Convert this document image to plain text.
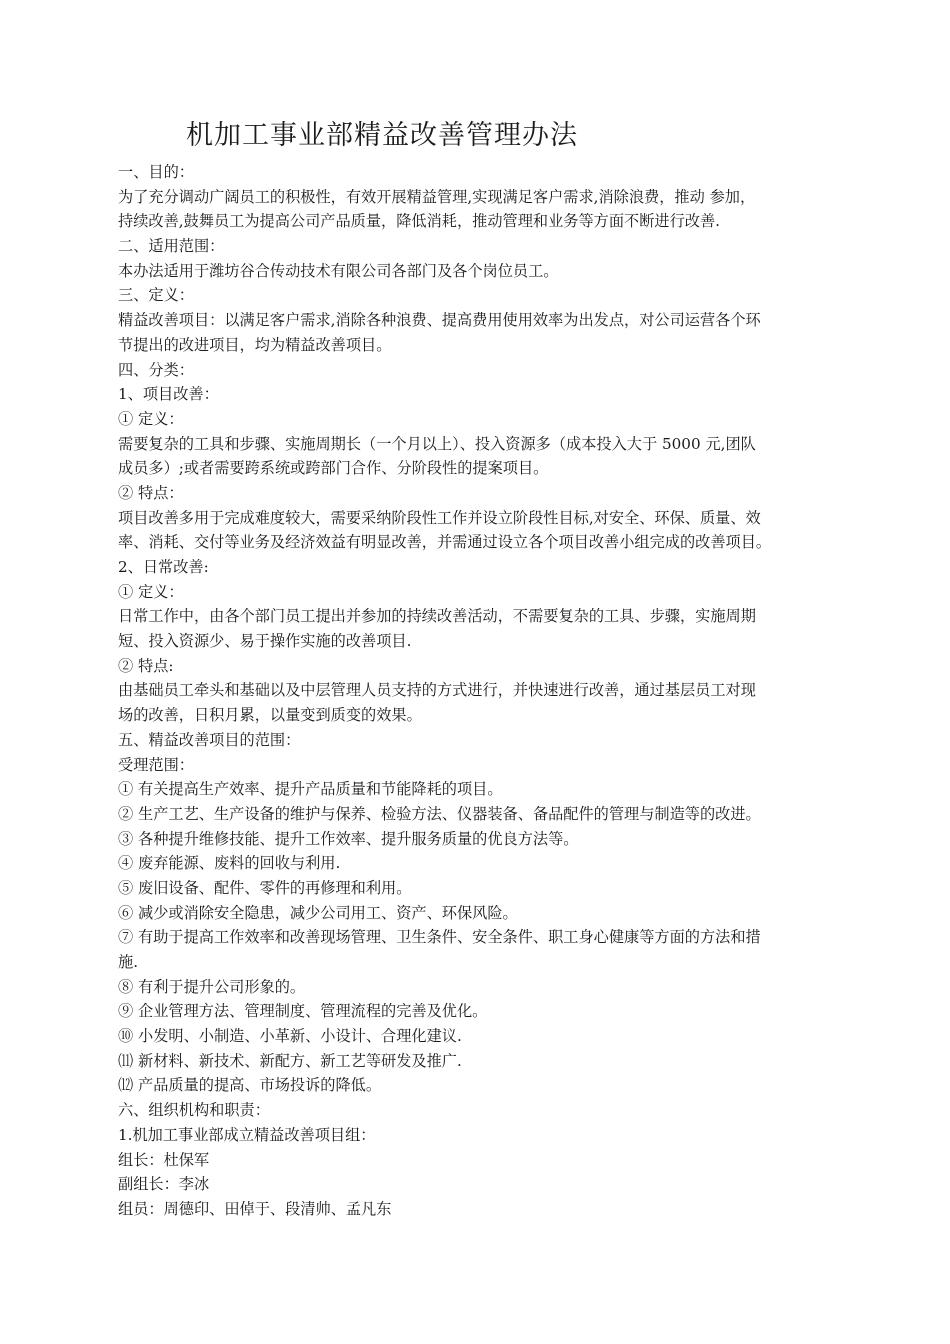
机加工事业部精益改善管理办法
一、目的：
为了充分调动广阔员工的积极性，有效开展精益管理,实现满足客户需求,消除浪费，推动 参加，
持续改善,鼓舞员工为提高公司产品质量，降低消耗，推动管理和业务等方面不断进行改善.
二、适用范围：
本办法适用于潍坊谷合传动技术有限公司各部门及各个岗位员工。
三、定义：
精益改善项目：以满足客户需求,消除各种浪费、提高费用使用效率为出发点，对公司运营各个环
节提出的改进项目，均为精益改善项目。
四、分类：
1、项目改善：
① 定义：
需要复杂的工具和步骤、实施周期长（一个月以上）、投入资源多（成本投入大于 5000 元,团队
成员多）;或者需要跨系统或跨部门合作、分阶段性的提案项目。
② 特点：
项目改善多用于完成难度较大，需要采纳阶段性工作并设立阶段性目标,对安全、环保、质量、效
率、消耗、交付等业务及经济效益有明显改善，并需通过设立各个项目改善小组完成的改善项目。
2、日常改善:
① 定义：
日常工作中，由各个部门员工提出并参加的持续改善活动，不需要复杂的工具、步骤，实施周期
短、投入资源少、易于操作实施的改善项目.
② 特点:
由基础员工牵头和基础以及中层管理人员支持的方式进行，并快速进行改善，通过基层员工对现
场的改善，日积月累，以量变到质变的效果。
五、精益改善项目的范围：
受理范围：
① 有关提高生产效率、提升产品质量和节能降耗的项目。
② 生产工艺、生产设备的维护与保养、检验方法、仪器装备、备品配件的管理与制造等的改进。
③ 各种提升维修技能、提升工作效率、提升服务质量的优良方法等。
④ 废弃能源、废料的回收与利用.
⑤ 废旧设备、配件、零件的再修理和利用。
⑥ 减少或消除安全隐患，减少公司用工、资产、环保风险。
⑦ 有助于提高工作效率和改善现场管理、卫生条件、安全条件、职工身心健康等方面的方法和措
施.
⑧ 有利于提升公司形象的。
⑨ 企业管理方法、管理制度、管理流程的完善及优化。
⑩ 小发明、小制造、小革新、小设计、合理化建议.
⑾ 新材料、新技术、新配方、新工艺等研发及推广.
⑿ 产品质量的提高、市场投诉的降低。
六、组织机构和职责：
1.机加工事业部成立精益改善项目组：
组长：杜保军
副组长：李冰
组员：周德印、田倬于、段清帅、孟凡东
